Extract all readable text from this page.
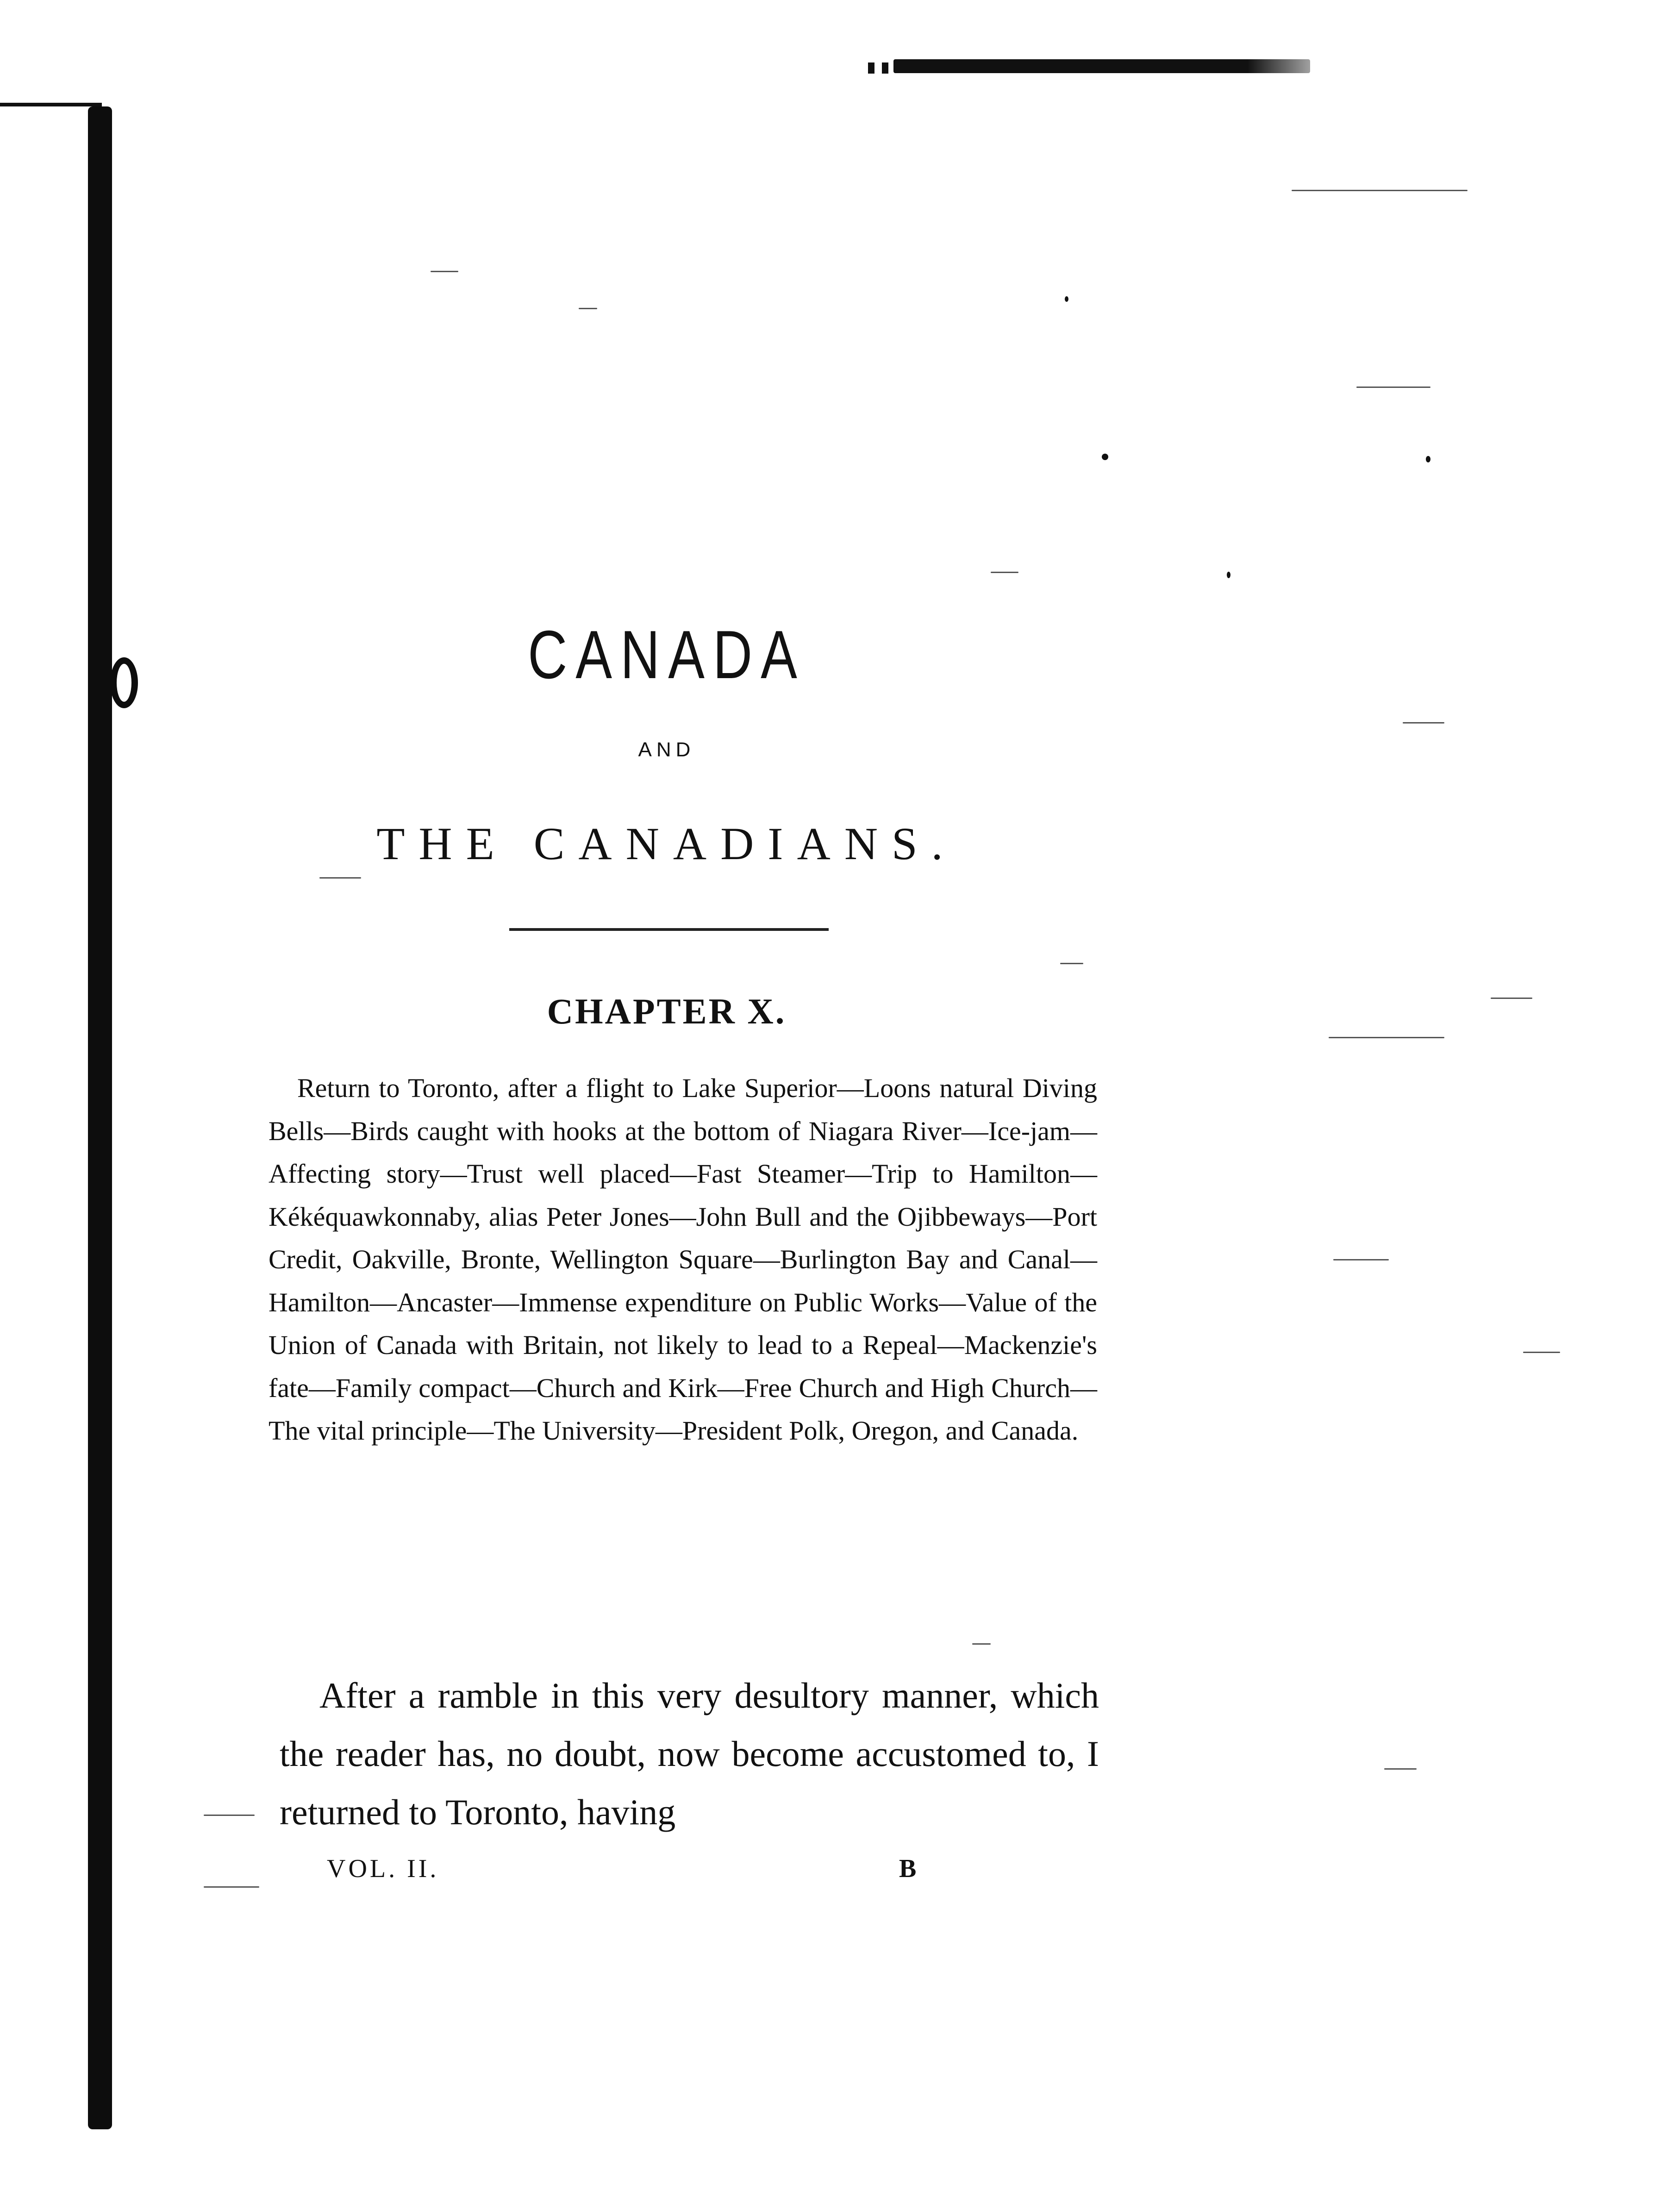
CANADA
AND
THE CANADIANS.
CHAPTER X.

Return to Toronto, after a flight to Lake Superior—Loons natural Diving Bells—Birds caught with hooks at the bottom of Niagara River—Ice-jam—Affecting story—Trust well placed—Fast Steamer—Trip to Hamilton—Kékéquawkonnaby, alias Peter Jones—John Bull and the Ojibbeways—Port Credit, Oakville, Bronte, Wellington Square—Burlington Bay and Canal—Hamilton—Ancaster—Immense expenditure on Public Works—Value of the Union of Canada with Britain, not likely to lead to a Repeal—Mackenzie's fate—Family compact—Church and Kirk—Free Church and High Church—The vital principle—The University—President Polk, Oregon, and Canada.

After a ramble in this very desultory manner, which the reader has, no doubt, now become accustomed to, I returned to Toronto, having

VOL. II.	B
